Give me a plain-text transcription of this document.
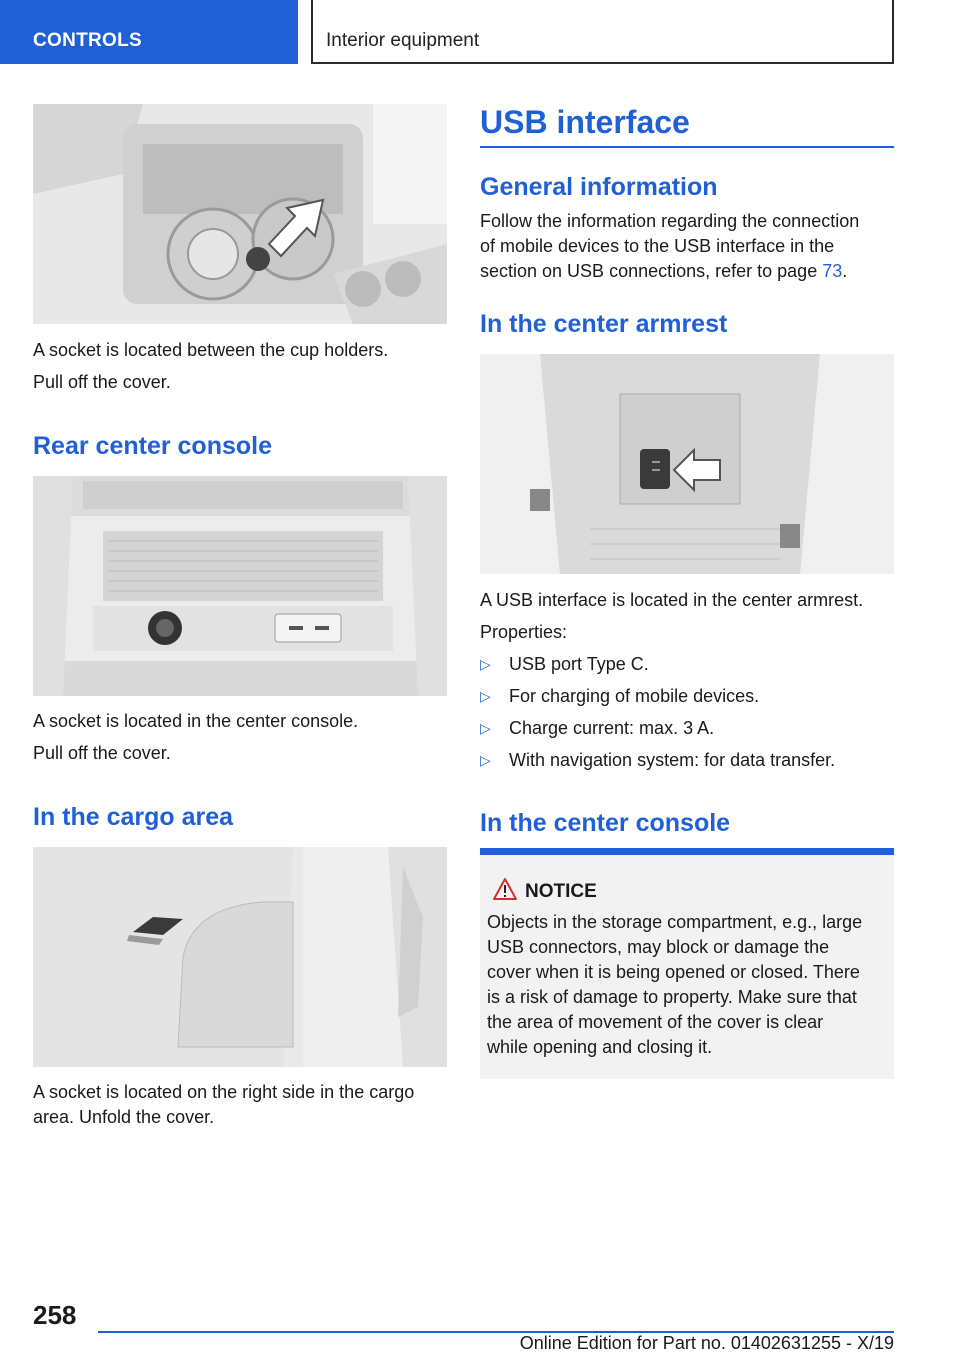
CONTROLS	Interior equipment

A socket is located between the cup holders.

Pull off the cover.

Rear center console

A socket is located in the center console.

Pull off the cover.

In the cargo area

A socket is located on the right side in the cargo

area. Unfold the cover.

USB interface
General information

Follow the information regarding the connection

of mobile devices to the USB interface in the

section on USB connections, refer to page 73.

In the center armrest

A USB interface is located in the center armrest.

Properties:

▷ USB port Type C.
▷ For charging of mobile devices.
▷ Charge current: max. 3 A.
▷ With navigation system: for data transfer.
In the center console
NOTICE
Objects in the storage compartment, e.g., large
USB connectors, may block or damage the
cover when it is being opened or closed. There
is a risk of damage to property. Make sure that
the area of movement of the cover is clear
while opening and closing it.
258
Online Edition for Part no. 01402631255 - X/19
